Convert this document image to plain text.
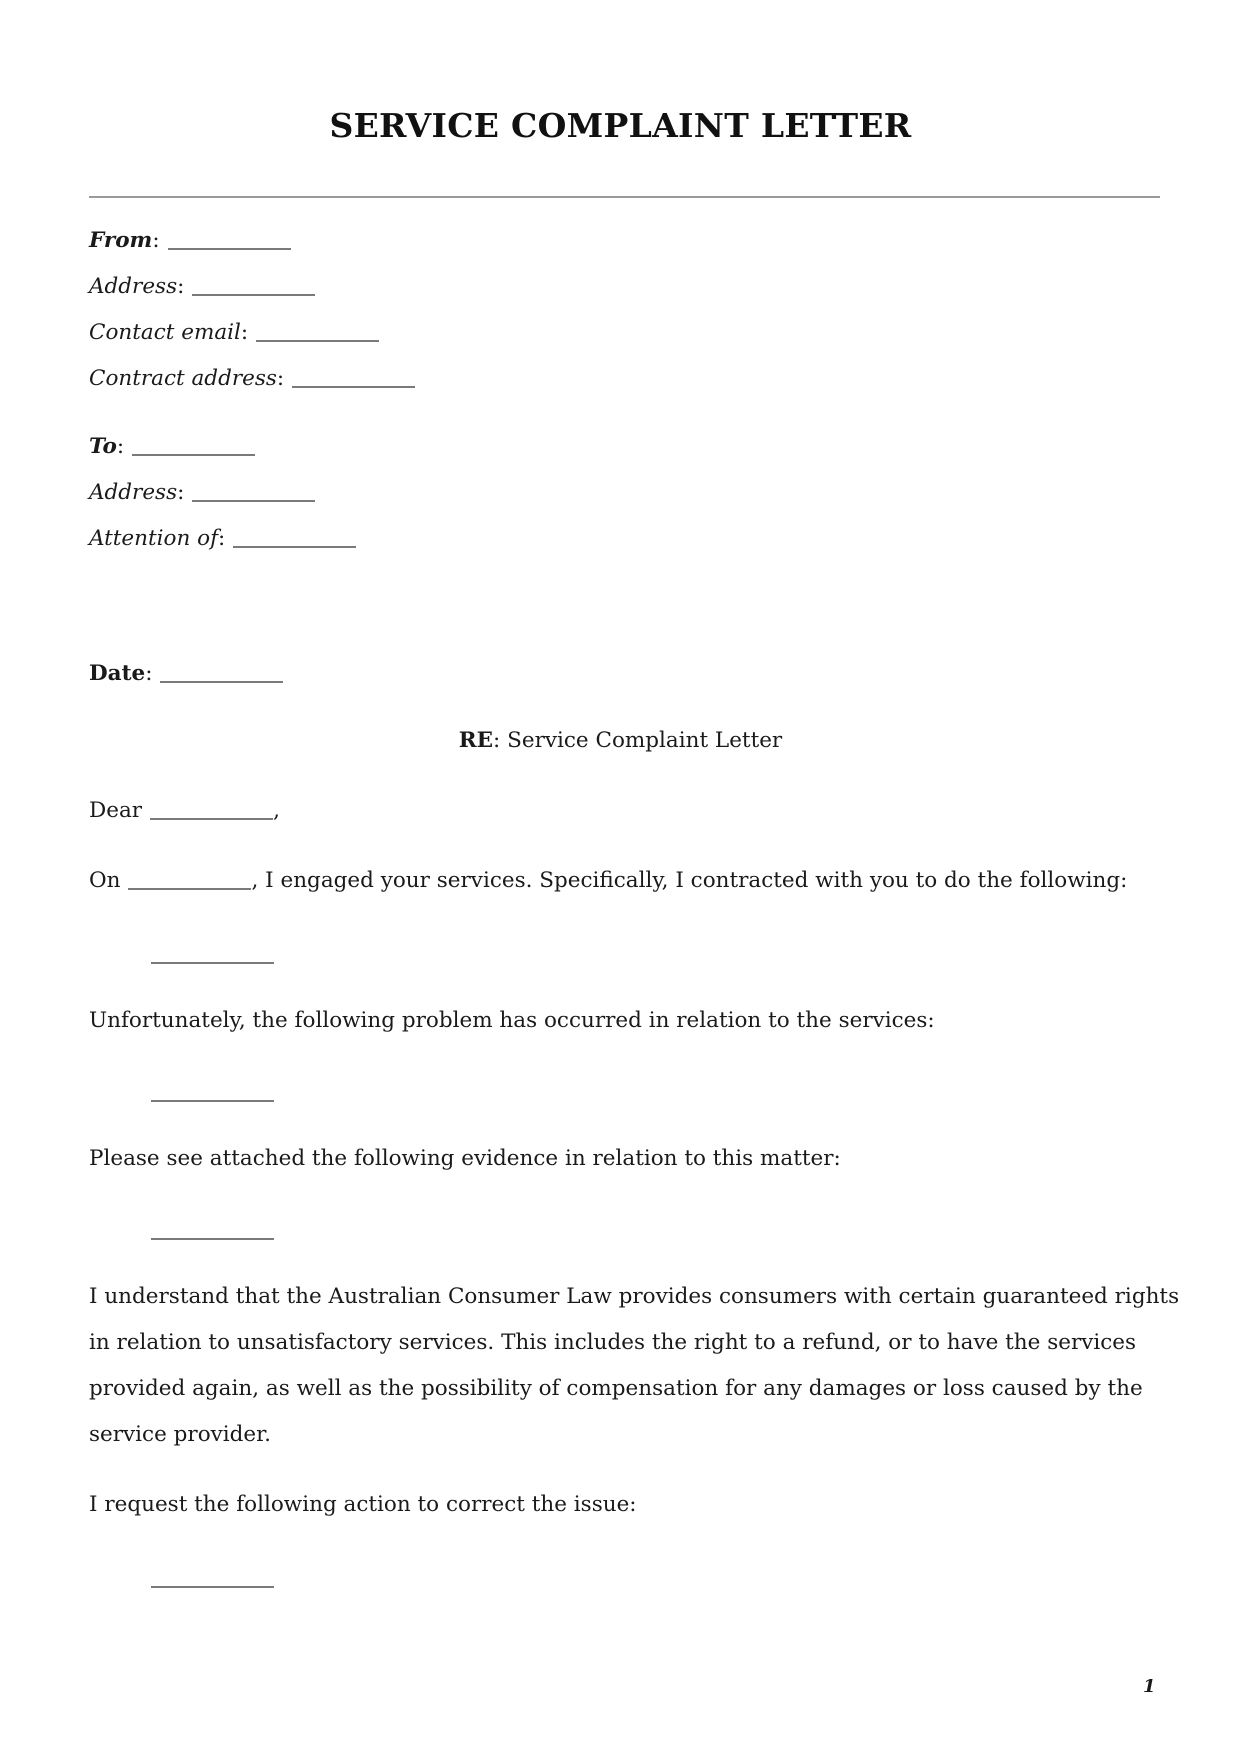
SERVICE COMPLAINT LETTER
From:
Address:
Contact email:
Contract address:
To:
Address:
Attention of:
Date:
RE: Service Complaint Letter
Dear	,
On	, I engaged your services. Specifically, I contracted with you to do the following:
Unfortunately, the following problem has occurred in relation to the services:
Please see attached the following evidence in relation to this matter:
I understand that the Australian Consumer Law provides consumers with certain guaranteed rights
in relation to unsatisfactory services. This includes the right to a refund, or to have the services
provided again, as well as the possibility of compensation for any damages or loss caused by the
service provider.
I request the following action to correct the issue:
1
